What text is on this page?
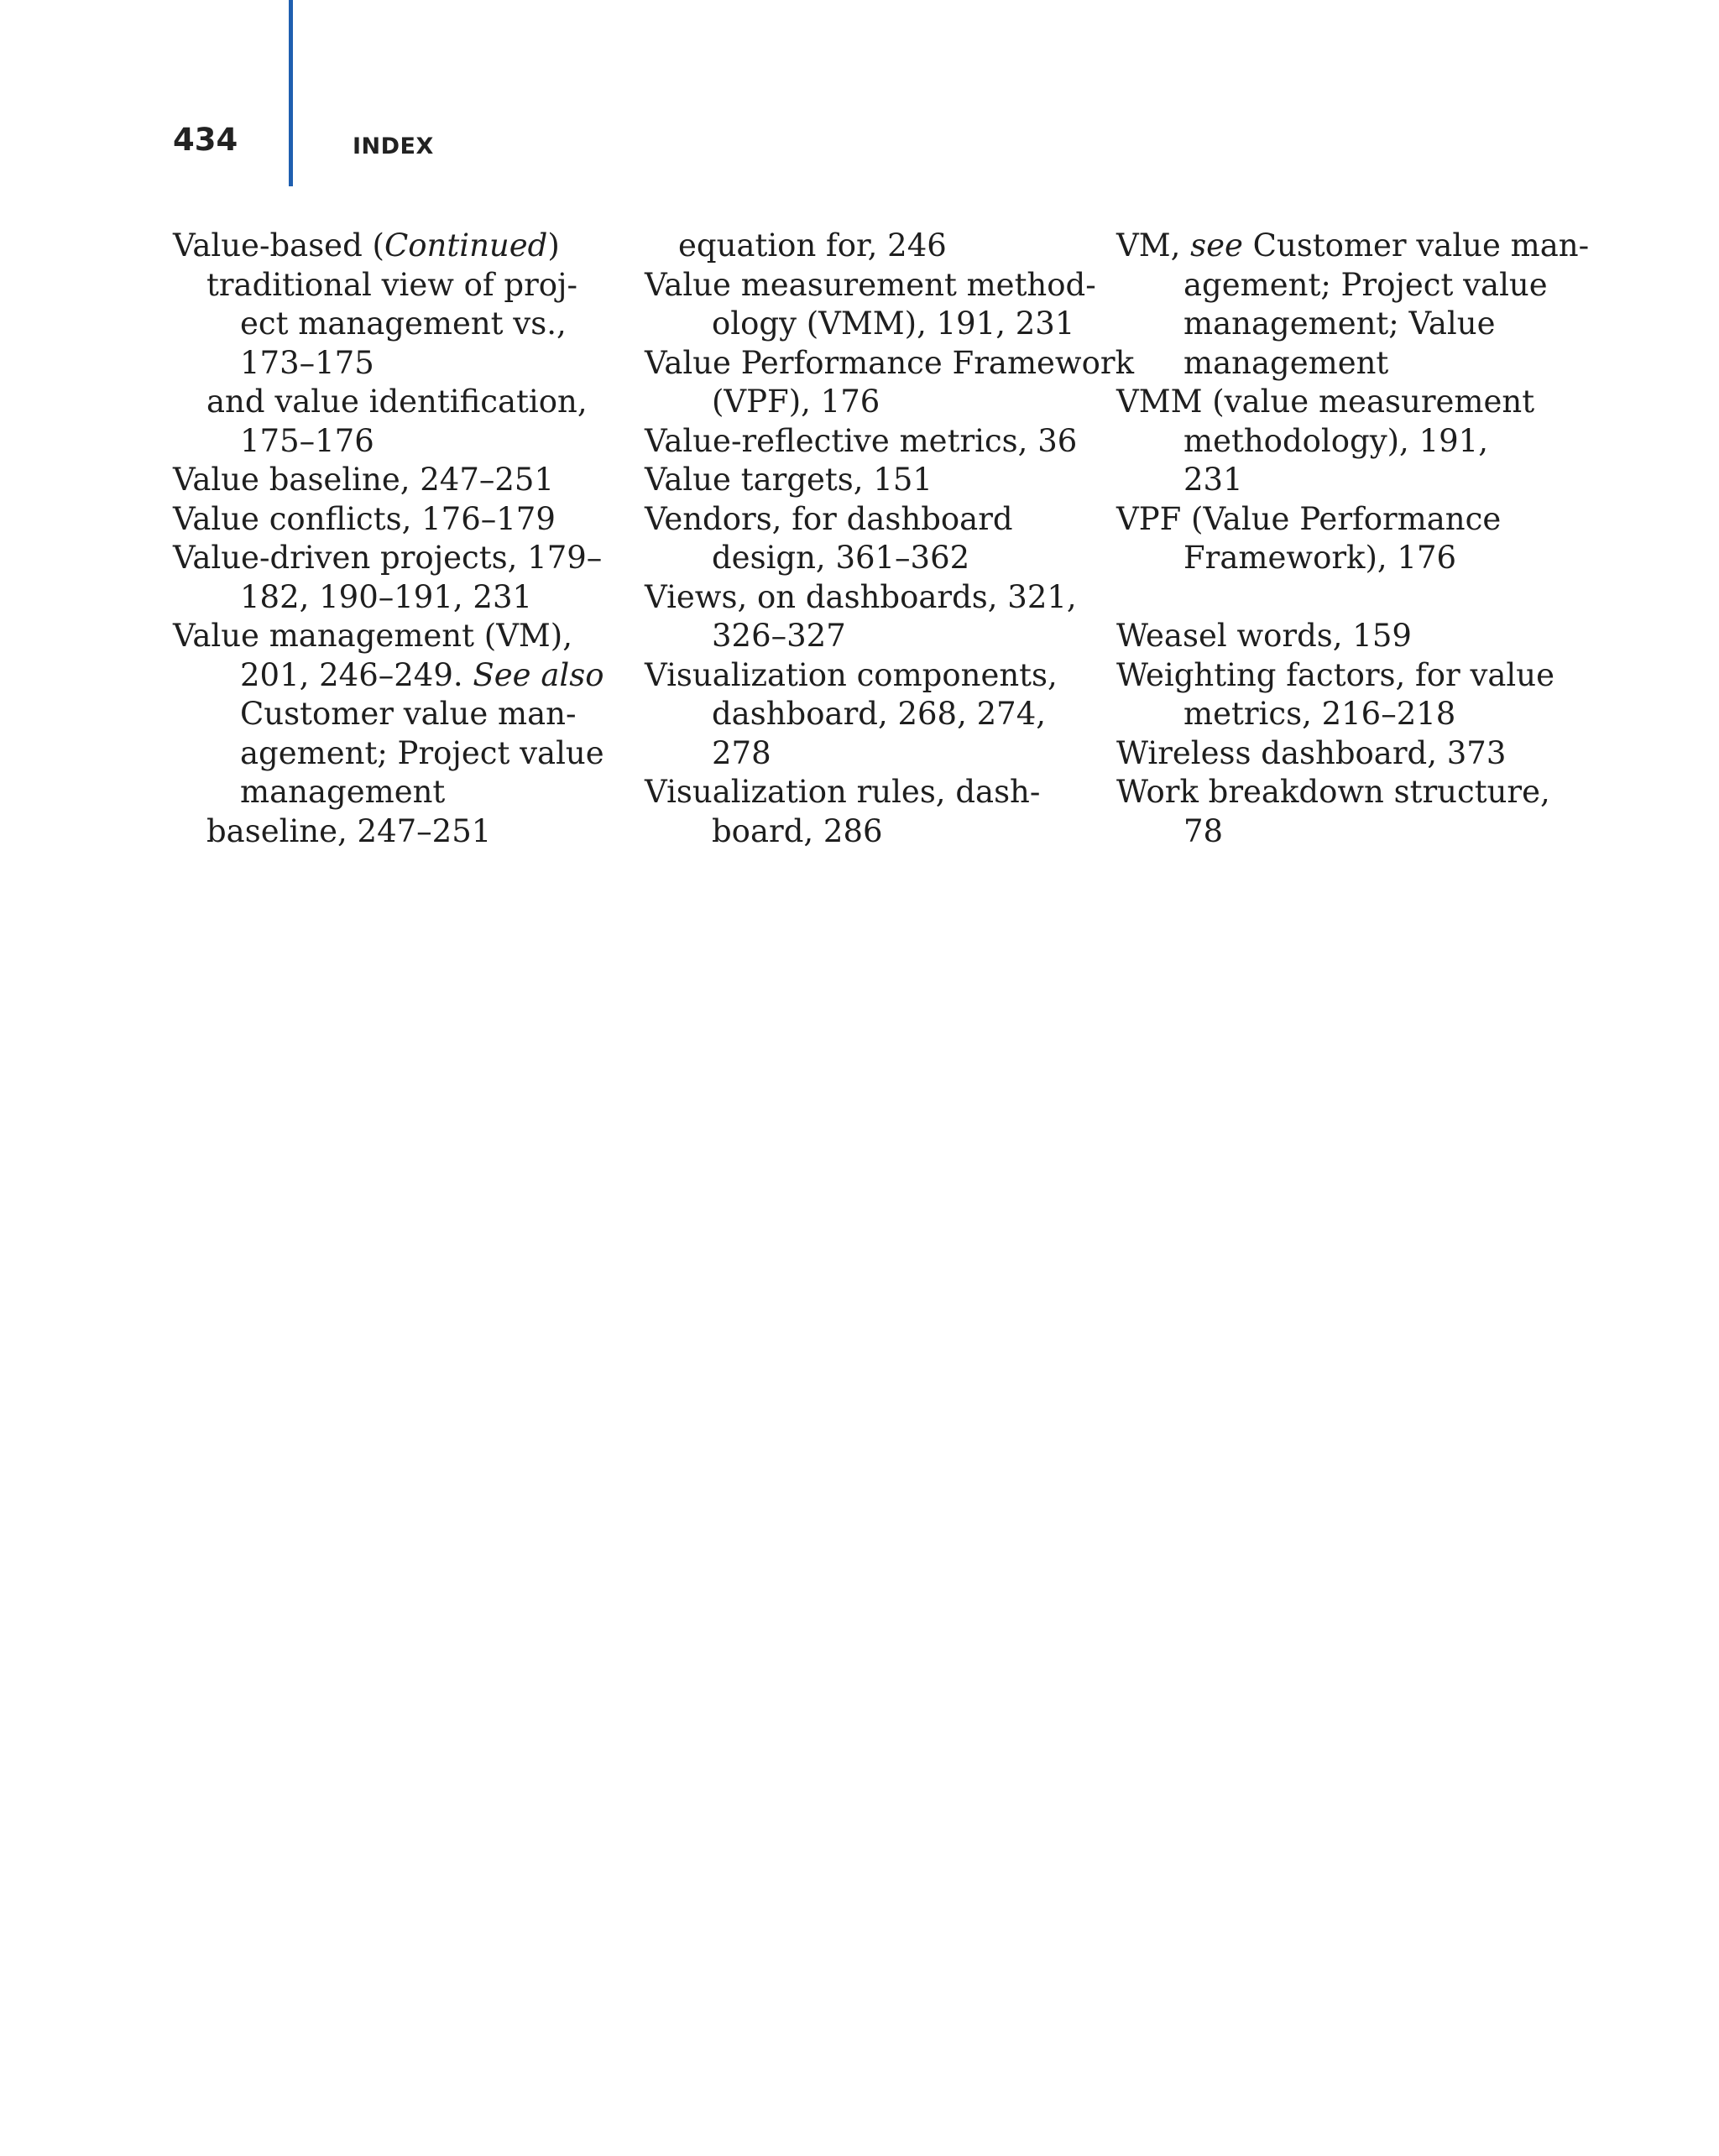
434	INDEX
Value-based (Continued)
traditional view of proj-
ect management vs.,
173–175
and value identification,
175–176
Value baseline, 247–251
Value conflicts, 176–179
Value-driven projects, 179–
182, 190–191, 231
Value management (VM),
201, 246–249. See also
Customer value man-
agement; Project value
management
baseline, 247–251
equation for, 246
Value measurement method-
ology (VMM), 191, 231
Value Performance Framework
(VPF), 176
Value-reflective metrics, 36
Value targets, 151
Vendors, for dashboard
design, 361–362
Views, on dashboards, 321,
326–327
Visualization components,
dashboard, 268, 274,
278
Visualization rules, dash-
board, 286
VM, see Customer value man-
agement; Project value
management; Value
management
VMM (value measurement
methodology), 191,
231
VPF (Value Performance
Framework), 176
Weasel words, 159
Weighting factors, for value
metrics, 216–218
Wireless dashboard, 373
Work breakdown structure,
78
